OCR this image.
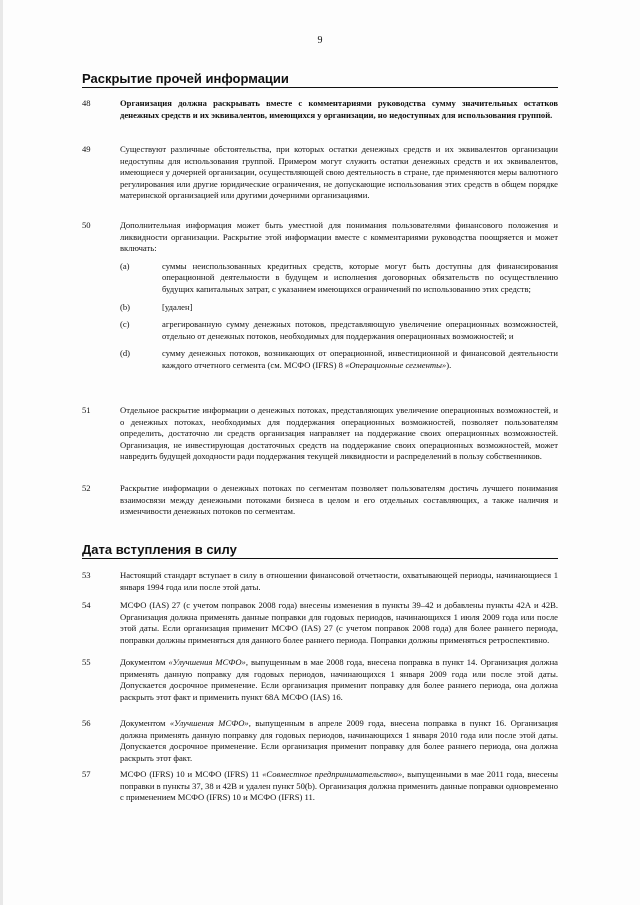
9
Раскрытие прочей информации
48	Организация должна раскрывать вместе с комментариями руководства сумму значительных остатков денежных средств и их эквивалентов, имеющихся у организации, но недоступных для использования группой.
49	Существуют различные обстоятельства, при которых остатки денежных средств и их эквивалентов организации недоступны для использования группой. Примером могут служить остатки денежных средств и их эквивалентов, имеющиеся у дочерней организации, осуществляющей свою деятельность в стране, где применяются меры валютного регулирования или другие юридические ограничения, не допускающие использования этих средств в общем порядке материнской организацией или другими дочерними организациями.
50	Дополнительная информация может быть уместной для понимания пользователями финансового положения и ликвидности организации. Раскрытие этой информации вместе с комментариями руководства поощряется и может включать:
(a)	суммы неиспользованных кредитных средств, которые могут быть доступны для финансирования операционной деятельности в будущем и исполнения договорных обязательств по осуществлению будущих капитальных затрат, с указанием имеющихся ограничений по использованию этих средств;
(b)	[удален]
(c)	агрегированную сумму денежных потоков, представляющую увеличение операционных возможностей, отдельно от денежных потоков, необходимых для поддержания операционных возможностей; и
(d)	сумму денежных потоков, возникающих от операционной, инвестиционной и финансовой деятельности каждого отчетного сегмента (см. МСФО (IFRS) 8 «Операционные сегменты»).
51	Отдельное раскрытие информации о денежных потоках, представляющих увеличение операционных возможностей, и о денежных потоках, необходимых для поддержания операционных возможностей, позволяет пользователям определить, достаточно ли средств организация направляет на поддержание своих операционных возможностей. Организация, не инвестирующая достаточных средств на поддержание своих операционных возможностей, может навредить будущей доходности ради поддержания текущей ликвидности и распределений в пользу собственников.
52	Раскрытие информации о денежных потоках по сегментам позволяет пользователям достичь лучшего понимания взаимосвязи между денежными потоками бизнеса в целом и его отдельных составляющих, а также наличия и изменчивости денежных потоков по сегментам.
Дата вступления в силу
53	Настоящий стандарт вступает в силу в отношении финансовой отчетности, охватывающей периоды, начинающиеся 1 января 1994 года или после этой даты.
54	МСФО (IAS) 27 (с учетом поправок 2008 года) внесены изменения в пункты 39–42 и добавлены пункты 42А и 42В. Организация должна применять данные поправки для годовых периодов, начинающихся 1 июля 2009 года или после этой даты. Если организация применит МСФО (IAS) 27 (с учетом поправок 2008 года) для более раннего периода, поправки должны применяться для данного более раннего периода. Поправки должны применяться ретроспективно.
55	Документом «Улучшения МСФО», выпущенным в мае 2008 года, внесена поправка в пункт 14. Организация должна применять данную поправку для годовых периодов, начинающихся 1 января 2009 года или после этой даты. Допускается досрочное применение. Если организация применит поправку для более раннего периода, она должна раскрыть этот факт и применить пункт 68А МСФО (IAS) 16.
56	Документом «Улучшения МСФО», выпущенным в апреле 2009 года, внесена поправка в пункт 16. Организация должна применять данную поправку для годовых периодов, начинающихся 1 января 2010 года или после этой даты. Допускается досрочное применение. Если организация применит поправку для более раннего периода, она должна раскрыть этот факт.
57	МСФО (IFRS) 10 и МСФО (IFRS) 11 «Совместное предпринимательство», выпущенными в мае 2011 года, внесены поправки в пункты 37, 38 и 42В и удален пункт 50(b). Организация должна применить данные поправки одновременно с применением МСФО (IFRS) 10 и МСФО (IFRS) 11.
